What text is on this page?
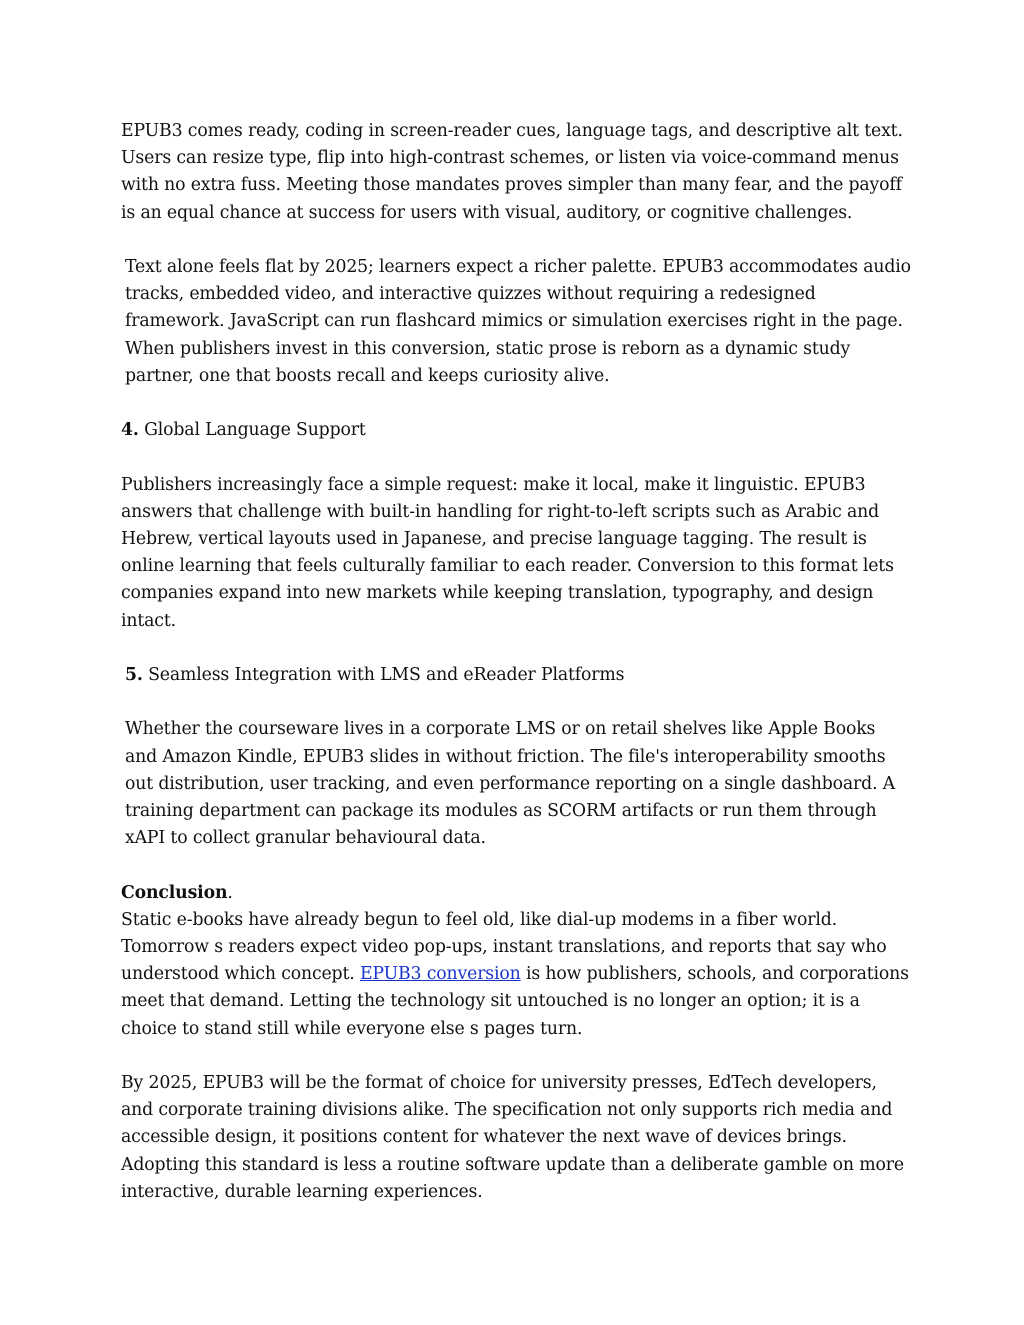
EPUB3 comes ready, coding in screen-reader cues, language tags, and descriptive alt text. Users can resize type, flip into high-contrast schemes, or listen via voice-command menus with no extra fuss. Meeting those mandates proves simpler than many fear, and the payoff is an equal chance at success for users with visual, auditory, or cognitive challenges.

Text alone feels flat by 2025; learners expect a richer palette. EPUB3 accommodates audio tracks, embedded video, and interactive quizzes without requiring a redesigned framework. JavaScript can run flashcard mimics or simulation exercises right in the page. When publishers invest in this conversion, static prose is reborn as a dynamic study partner, one that boosts recall and keeps curiosity alive.

4. Global Language Support

Publishers increasingly face a simple request: make it local, make it linguistic. EPUB3 answers that challenge with built-in handling for right-to-left scripts such as Arabic and Hebrew, vertical layouts used in Japanese, and precise language tagging. The result is online learning that feels culturally familiar to each reader. Conversion to this format lets companies expand into new markets while keeping translation, typography, and design intact.

5. Seamless Integration with LMS and eReader Platforms

Whether the courseware lives in a corporate LMS or on retail shelves like Apple Books and Amazon Kindle, EPUB3 slides in without friction. The file's interoperability smooths out distribution, user tracking, and even performance reporting on a single dashboard. A training department can package its modules as SCORM artifacts or run them through xAPI to collect granular behavioural data.

Conclusion.

Static e-books have already begun to feel old, like dial-up modems in a fiber world. Tomorrow s readers expect video pop-ups, instant translations, and reports that say who understood which concept. EPUB3 conversion is how publishers, schools, and corporations meet that demand. Letting the technology sit untouched is no longer an option; it is a choice to stand still while everyone else s pages turn.

By 2025, EPUB3 will be the format of choice for university presses, EdTech developers, and corporate training divisions alike. The specification not only supports rich media and accessible design, it positions content for whatever the next wave of devices brings. Adopting this standard is less a routine software update than a deliberate gamble on more interactive, durable learning experiences.
